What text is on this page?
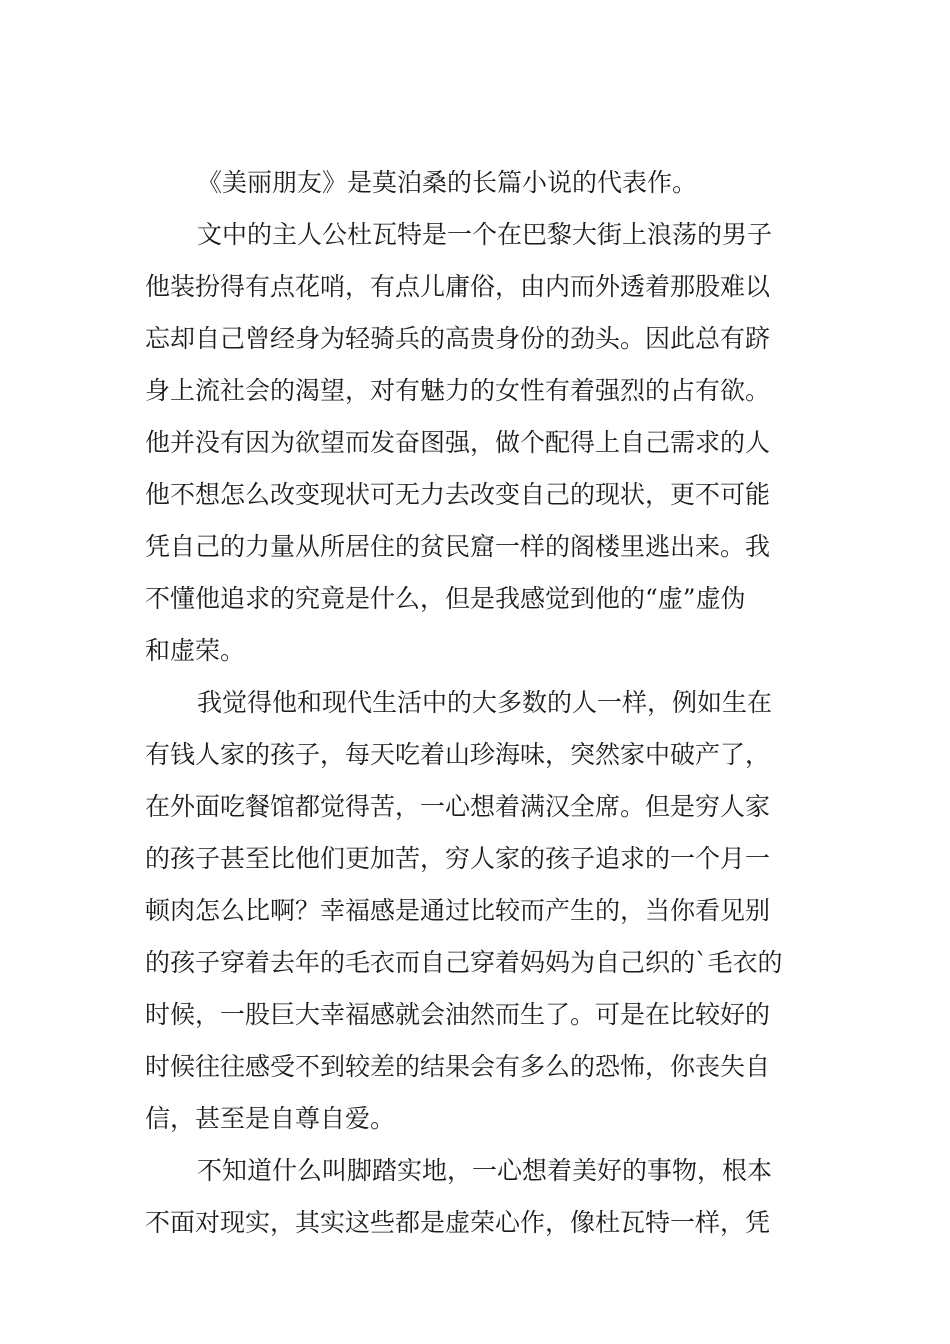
《美丽朋友》是莫泊桑的长篇小说的代表作。
文中的主人公杜瓦特是一个在巴黎大街上浪荡的男子
他装扮得有点花哨，有点儿庸俗，由内而外透着那股难以
忘却自己曾经身为轻骑兵的高贵身份的劲头。因此总有跻
身上流社会的渴望，对有魅力的女性有着强烈的占有欲。
他并没有因为欲望而发奋图强，做个配得上自己需求的人
他不想怎么改变现状可无力去改变自己的现状，更不可能
凭自己的力量从所居住的贫民窟一样的阁楼里逃出来。我
不懂他追求的究竟是什么，但是我感觉到他的“虚”虚伪
和虚荣。
我觉得他和现代生活中的大多数的人一样，例如生在
有钱人家的孩子，每天吃着山珍海味，突然家中破产了，
在外面吃餐馆都觉得苦，一心想着满汉全席。但是穷人家
的孩子甚至比他们更加苦，穷人家的孩子追求的一个月一
顿肉怎么比啊？幸福感是通过比较而产生的，当你看见别
的孩子穿着去年的毛衣而自己穿着妈妈为自己织的`毛衣的
时候，一股巨大幸福感就会油然而生了。可是在比较好的
时候往往感受不到较差的结果会有多么的恐怖，你丧失自
信，甚至是自尊自爱。
不知道什么叫脚踏实地，一心想着美好的事物，根本
不面对现实，其实这些都是虚荣心作，像杜瓦特一样，凭
